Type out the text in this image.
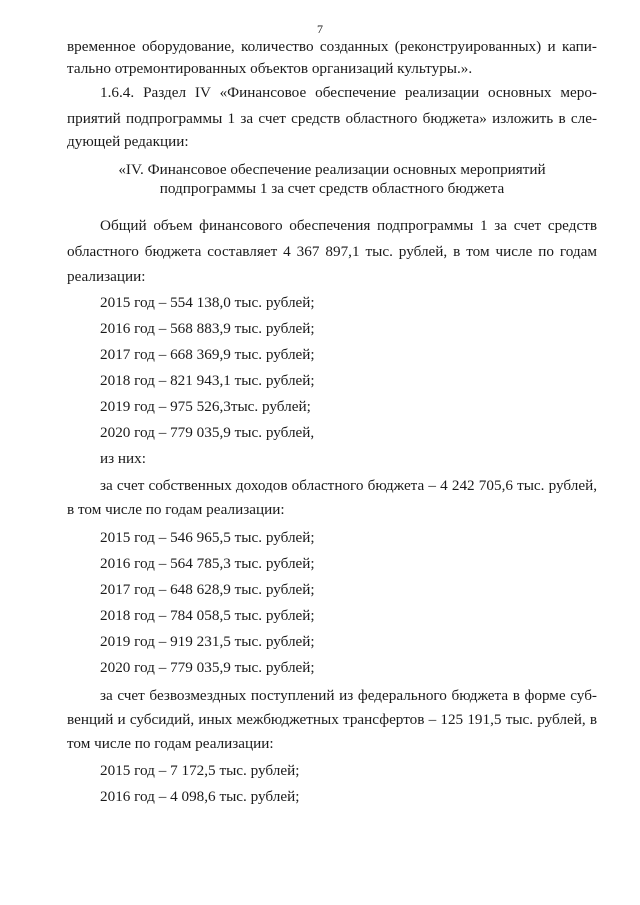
7

временное оборудование, количество созданных (реконструированных) и капи-

тально отремонтированных объектов организаций культуры.».

1.6.4. Раздел IV «Финансовое обеспечение реализации основных меро-

приятий подпрограммы 1 за счет средств областного бюджета» изложить в сле-

дующей редакции:

«IV. Финансовое обеспечение реализации основных мероприятий

подпрограммы 1 за счет средств областного бюджета

Общий объем финансового обеспечения подпрограммы 1 за счет средств

областного бюджета составляет 4 367 897,1 тыс. рублей, в том числе по годам

реализации:

2015 год – 554 138,0 тыс. рублей;

2016 год – 568 883,9 тыс. рублей;

2017 год – 668 369,9 тыс. рублей;

2018 год – 821 943,1 тыс. рублей;

2019 год – 975 526,3тыс. рублей;

2020 год – 779 035,9 тыс. рублей,

из них:

за счет собственных доходов областного бюджета – 4 242 705,6 тыс. рублей,

в том числе по годам реализации:

2015 год – 546 965,5 тыс. рублей;

2016 год – 564 785,3 тыс. рублей;

2017 год – 648 628,9 тыс. рублей;

2018 год – 784 058,5 тыс. рублей;

2019 год – 919 231,5 тыс. рублей;

2020 год – 779 035,9 тыс. рублей;

за счет безвозмездных поступлений из федерального бюджета в форме суб-

венций и субсидий, иных межбюджетных трансфертов – 125 191,5 тыс. рублей, в

том числе по годам реализации:

2015 год – 7 172,5 тыс. рублей;

2016 год – 4 098,6 тыс. рублей;
